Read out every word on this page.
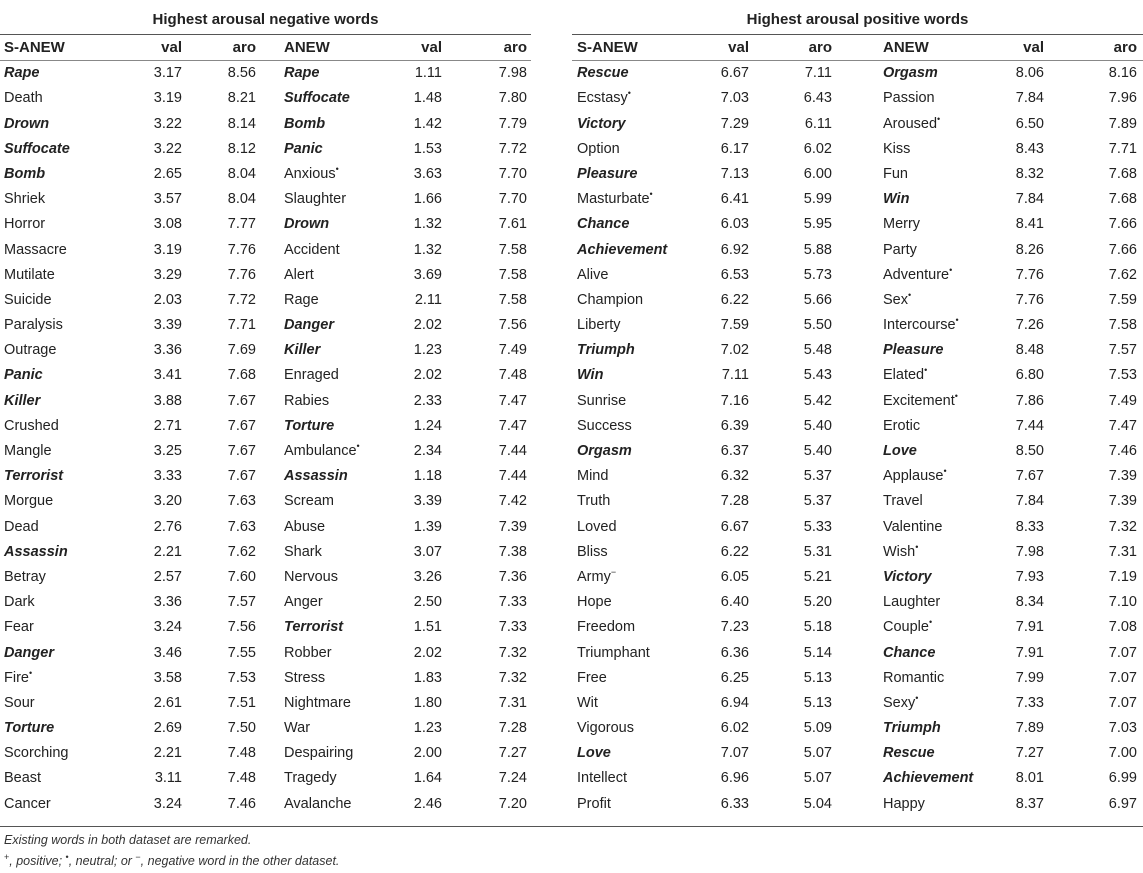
Highest arousal negative words
S-ANEW	val	aro ANEW	val	aro
Rape	3.17	8.56 Rape	1.11	7.98
Death	3.19	8.21 Suffocate	1.48	7.80
Drown	3.22	8.14 Bomb	1.42	7.79
Suffocate	3.22	8.12 Panic	1.53	7.72
Bomb	2.65	8.04 Anxious•	3.63	7.70
Shriek	3.57	8.04 Slaughter	1.66	7.70
Horror	3.08	7.77 Drown	1.32	7.61
Massacre	3.19	7.76 Accident	1.32	7.58
Mutilate	3.29	7.76 Alert	3.69	7.58
Suicide	2.03	7.72 Rage	2.11	7.58
Paralysis	3.39	7.71 Danger	2.02	7.56
Outrage	3.36	7.69 Killer	1.23	7.49
Panic	3.41	7.68 Enraged	2.02	7.48
Killer	3.88	7.67 Rabies	2.33	7.47
Crushed	2.71	7.67 Torture	1.24	7.47
Mangle	3.25	7.67 Ambulance•	2.34	7.44
Terrorist	3.33	7.67 Assassin	1.18	7.44
Morgue	3.20	7.63 Scream	3.39	7.42
Dead	2.76	7.63 Abuse	1.39	7.39
Assassin	2.21	7.62 Shark	3.07	7.38
Betray	2.57	7.60 Nervous	3.26	7.36
Dark	3.36	7.57 Anger	2.50	7.33
Fear	3.24	7.56 Terrorist	1.51	7.33
Danger	3.46	7.55 Robber	2.02	7.32
Fire•	3.58	7.53 Stress	1.83	7.32
Sour	2.61	7.51 Nightmare	1.80	7.31
Torture	2.69	7.50 War	1.23	7.28
Scorching	2.21	7.48 Despairing	2.00	7.27
Beast	3.11	7.48 Tragedy	1.64	7.24
Cancer	3.24	7.46 Avalanche	2.46	7.20
Highest arousal positive words
S-ANEW	val	aro	ANEW	val	aro
Rescue	6.67	7.11	Orgasm	8.06	8.16
Ecstasy•	7.03	6.43	Passion	7.84	7.96
Victory	7.29	6.11	Aroused•	6.50	7.89
Option	6.17	6.02	Kiss	8.43	7.71
Pleasure	7.13	6.00	Fun	8.32	7.68
Masturbate•	6.41	5.99	Win	7.84	7.68
Chance	6.03	5.95	Merry	8.41	7.66
Achievement	6.92	5.88	Party	8.26	7.66
Alive	6.53	5.73	Adventure•	7.76	7.62
Champion	6.22	5.66	Sex•	7.76	7.59
Liberty	7.59	5.50	Intercourse•	7.26	7.58
Triumph	7.02	5.48	Pleasure	8.48	7.57
Win	7.11	5.43	Elated•	6.80	7.53
Sunrise	7.16	5.42	Excitement•	7.86	7.49
Success	6.39	5.40	Erotic	7.44	7.47
Orgasm	6.37	5.40	Love	8.50	7.46
Mind	6.32	5.37	Applause•	7.67	7.39
Truth	7.28	5.37	Travel	7.84	7.39
Loved	6.67	5.33	Valentine	8.33	7.32
Bliss	6.22	5.31	Wish•	7.98	7.31
Army−	6.05	5.21	Victory	7.93	7.19
Hope	6.40	5.20	Laughter	8.34	7.10
Freedom	7.23	5.18	Couple•	7.91	7.08
Triumphant	6.36	5.14	Chance	7.91	7.07
Free	6.25	5.13	Romantic	7.99	7.07
Wit	6.94	5.13	Sexy•	7.33	7.07
Vigorous	6.02	5.09	Triumph	7.89	7.03
Love	7.07	5.07	Rescue	7.27	7.00
Intellect	6.96	5.07	Achievement	8.01	6.99
Profit	6.33	5.04	Happy	8.37	6.97
Existing words in both dataset are remarked.
+, positive; •, neutral; or −, negative word in the other dataset.
